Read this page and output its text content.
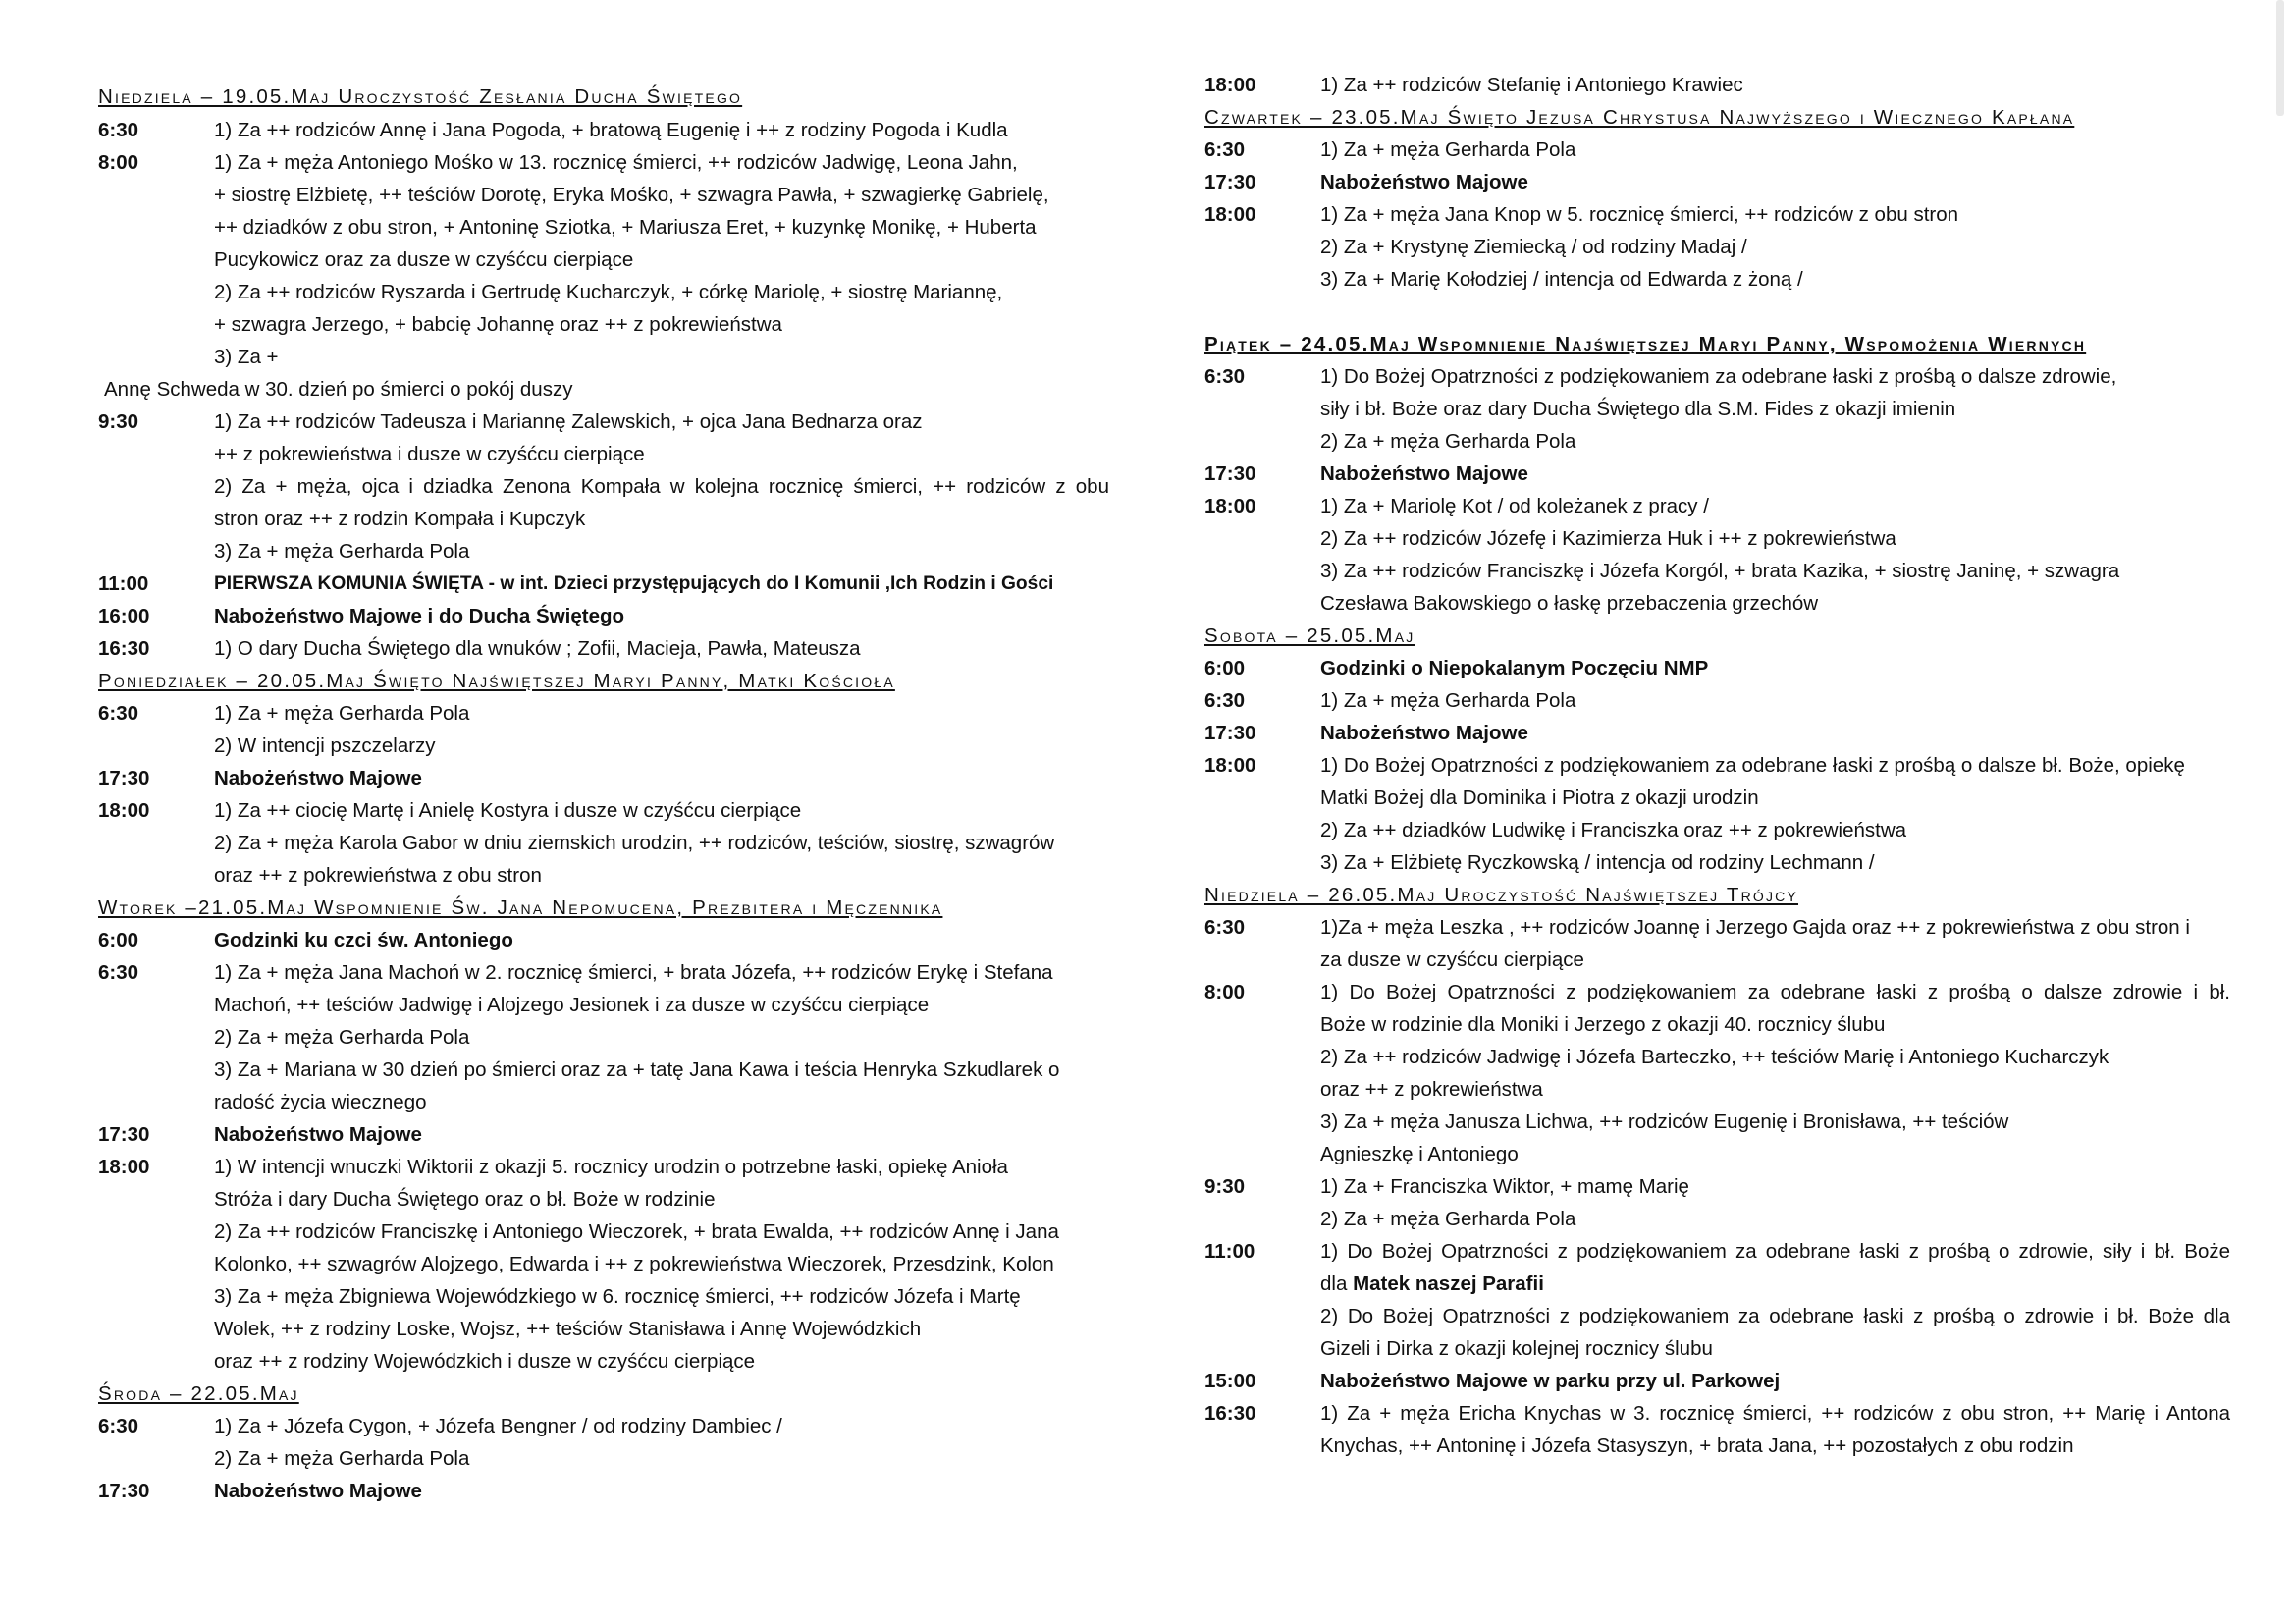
Niedziela – 19.05.Maj Uroczystość Zesłania Ducha Świętego
6:30	1) Za ++ rodziców Annę i Jana Pogoda, + bratową Eugenię i ++ z rodziny Pogoda i Kudla
8:00	1) Za + męża Antoniego Mośko w 13. rocznicę śmierci, ++ rodziców Jadwigę, Leona Jahn,
+ siostrę Elżbietę, ++ teściów Dorotę, Eryka Mośko, + szwagra Pawła, + szwagierkę Gabrielę,
++ dziadków z obu stron, + Antoninę Sziotka, + Mariusza Eret, + kuzynkę Monikę, + Huberta
Pucykowicz oraz za dusze w czyśćcu cierpiące
2) Za ++ rodziców Ryszarda i Gertrudę Kucharczyk, + córkę Mariolę, + siostrę Mariannę,
+ szwagra Jerzego, + babcię Johannę oraz ++ z pokrewieństwa
3) Za +
Annę Schweda w 30. dzień po śmierci o pokój duszy
9:30	1) Za ++ rodziców Tadeusza i Mariannę Zalewskich, + ojca Jana Bednarza oraz
++ z pokrewieństwa i dusze w czyśćcu cierpiące
2) Za + męża, ojca i dziadka Zenona Kompała w kolejna rocznicę śmierci, ++ rodziców z obu
stron oraz ++ z rodzin Kompała i Kupczyk
3) Za + męża Gerharda Pola
11:00	PIERWSZA KOMUNIA ŚWIĘTA - w int. Dzieci przystępujących do I Komunii ,Ich Rodzin i Gości
16:00	Nabożeństwo Majowe i do Ducha Świętego
16:30	1) O dary Ducha Świętego dla wnuków ; Zofii, Macieja, Pawła, Mateusza
Poniedziałek – 20.05.Maj Święto Najświętszej Maryi Panny, Matki Kościoła
6:30	1) Za + męża Gerharda Pola
2) W intencji pszczelarzy
17:30	Nabożeństwo Majowe
18:00	1) Za ++ ciocię Martę i Anielę Kostyra i dusze w czyśćcu cierpiące
2) Za + męża Karola Gabor w dniu ziemskich urodzin, ++ rodziców, teściów, siostrę, szwagrów
oraz ++ z pokrewieństwa z obu stron
Wtorek –21.05.Maj Wspomnienie Św. Jana Nepomucena, Prezbitera i Męczennika
6:00	Godzinki ku czci św. Antoniego
6:30	1) Za + męża Jana Machoń w 2. rocznicę śmierci, + brata Józefa, ++ rodziców Erykę i Stefana
Machoń, ++ teściów Jadwigę i Alojzego Jesionek i za dusze w czyśćcu cierpiące
2) Za + męża Gerharda Pola
3) Za + Mariana w 30 dzień po śmierci oraz za + tatę Jana Kawa i teścia Henryka Szkudlarek o
radość życia wiecznego
17:30	Nabożeństwo Majowe
18:00	1) W intencji wnuczki Wiktorii z okazji 5. rocznicy urodzin o potrzebne łaski, opiekę Anioła
Stróża i dary Ducha Świętego oraz o bł. Boże w rodzinie
2) Za ++ rodziców Franciszkę i Antoniego Wieczorek, + brata Ewalda, ++ rodziców Annę i Jana
Kolonko, ++ szwagrów Alojzego, Edwarda i ++ z pokrewieństwa Wieczorek, Przesdzink, Kolon
3) Za + męża Zbigniewa Wojewódzkiego w 6. rocznicę śmierci, ++ rodziców Józefa i Martę
Wolek, ++ z rodziny Loske, Wojsz, ++ teściów Stanisława i Annę Wojewódzkich
oraz ++ z rodziny Wojewódzkich i dusze w czyśćcu cierpiące
Środa – 22.05.Maj
6:30	1) Za + Józefa Cygon, + Józefa Bengner / od rodziny Dambiec /
2) Za + męża Gerharda Pola
17:30	Nabożeństwo Majowe
18:00	1) Za ++ rodziców Stefanię i Antoniego Krawiec
Czwartek – 23.05.Maj Święto Jezusa Chrystusa Najwyższego i Wiecznego Kapłana
6:30	1) Za + męża Gerharda Pola
17:30	Nabożeństwo Majowe
18:00	1) Za + męża Jana Knop w 5. rocznicę śmierci, ++ rodziców z obu stron
2) Za + Krystynę Ziemiecką / od rodziny Madaj /
3) Za + Marię Kołodziej / intencja od Edwarda z żoną /
Piątek – 24.05.Maj Wspomnienie Najświętszej Maryi Panny, Wspomożenia Wiernych
6:30	1) Do Bożej Opatrzności z podziękowaniem za odebrane łaski z prośbą o dalsze zdrowie,
siły i bł. Boże oraz dary Ducha Świętego dla S.M. Fides z okazji imienin
2) Za + męża Gerharda Pola
17:30	Nabożeństwo Majowe
18:00	1) Za + Mariolę Kot / od koleżanek z pracy /
2) Za ++ rodziców Józefę i Kazimierza Huk i ++ z pokrewieństwa
3) Za ++ rodziców Franciszkę i Józefa Korgól, + brata Kazika, + siostrę Janinę, + szwagra
Czesława Bakowskiego o łaskę przebaczenia grzechów
Sobota – 25.05.Maj
6:00	Godzinki o Niepokalanym Poczęciu NMP
6:30	1) Za + męża Gerharda Pola
17:30	Nabożeństwo Majowe
18:00	1) Do Bożej Opatrzności z podziękowaniem za odebrane łaski z prośbą o dalsze bł. Boże, opiekę
Matki Bożej dla Dominika i Piotra z okazji urodzin
2) Za ++ dziadków Ludwikę i Franciszka oraz ++ z pokrewieństwa
3) Za + Elżbietę Ryczkowską / intencja od rodziny Lechmann /
Niedziela – 26.05.Maj Uroczystość Najświętszej Trójcy
6:30	1)Za + męża Leszka , ++ rodziców Joannę i Jerzego Gajda oraz ++ z pokrewieństwa z obu stron i
za dusze w czyśćcu cierpiące
8:00	1) Do Bożej Opatrzności z podziękowaniem za odebrane łaski z prośbą o dalsze zdrowie i bł.
Boże w rodzinie dla Moniki i Jerzego z okazji 40. rocznicy ślubu
2) Za ++ rodziców Jadwigę i Józefa Barteczko, ++ teściów Marię i Antoniego Kucharczyk
oraz ++ z pokrewieństwa
3) Za + męża Janusza Lichwa, ++ rodziców Eugenię i Bronisława, ++ teściów
Agnieszkę i Antoniego
9:30	1) Za + Franciszka Wiktor, + mamę Marię
2) Za + męża Gerharda Pola
11:00	1) Do Bożej Opatrzności z podziękowaniem za odebrane łaski z prośbą o zdrowie, siły i bł. Boże
dla Matek naszej Parafii
2) Do Bożej Opatrzności z podziękowaniem za odebrane łaski z prośbą o zdrowie i bł. Boże dla
Gizeli i Dirka z okazji kolejnej rocznicy ślubu
15:00	Nabożeństwo Majowe w parku przy ul. Parkowej
16:30	1) Za + męża Ericha Knychas w 3. rocznicę śmierci, ++ rodziców z obu stron, ++ Marię i Antona
Knychas, ++ Antoninę i Józefa Stasyszyn, + brata Jana, ++ pozostałych z obu rodzin
